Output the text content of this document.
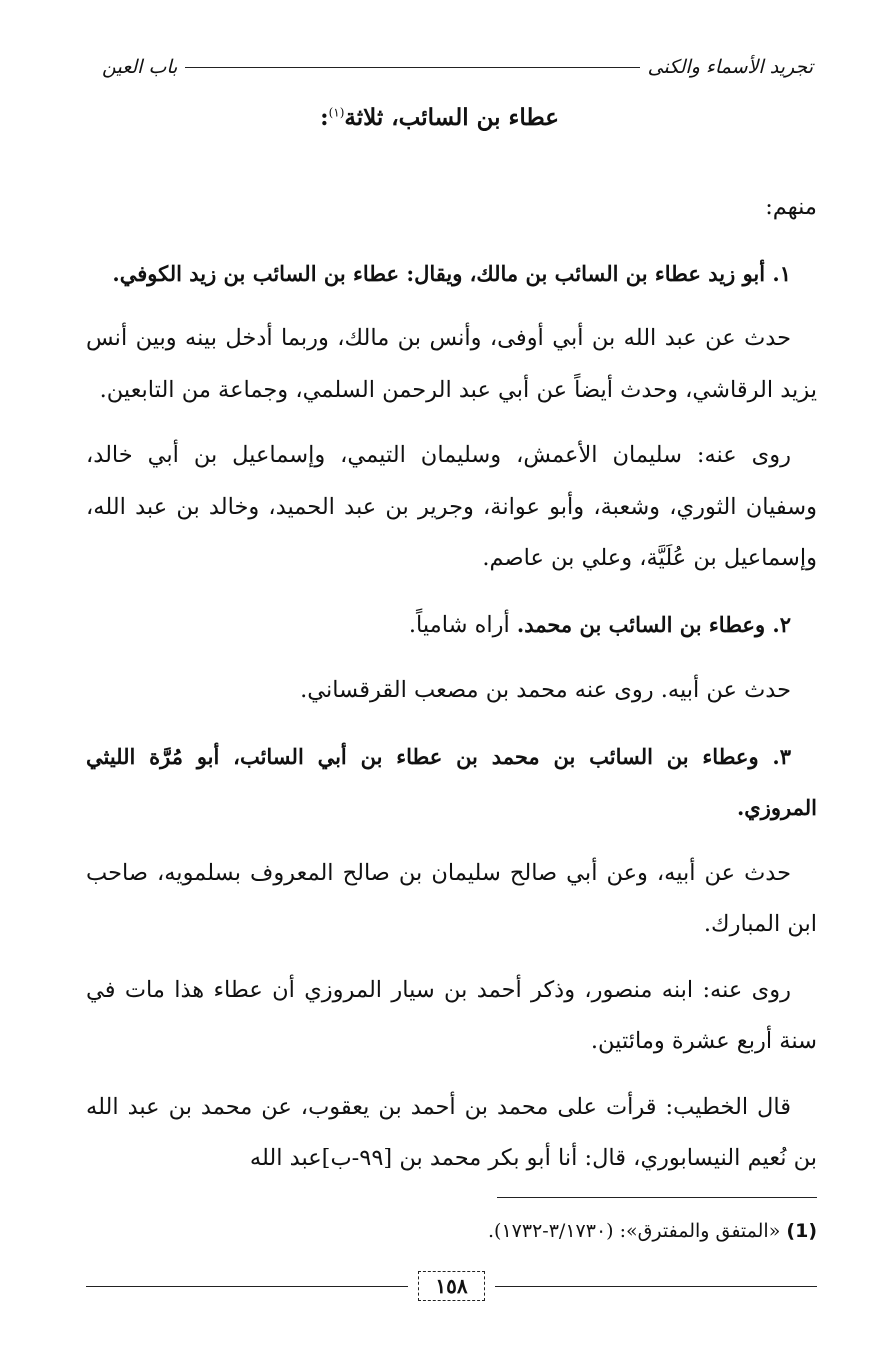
تجريد الأسماء والكنى
باب العين
عطاء بن السائب، ثلاثة$^{(١)}$:

منهم:

١. أبو زيد عطاء بن السائب بن مالك، ويقال: عطاء بن السائب بن زيد الكوفي.

حدث عن عبد الله بن أبي أوفى، وأنس بن مالك، وربما أدخل بينه وبين أنس يزيد الرقاشي، وحدث أيضاً عن أبي عبد الرحمن السلمي، وجماعة من التابعين.

روى عنه: سليمان الأعمش، وسليمان التيمي، وإسماعيل بن أبي خالد، وسفيان الثوري، وشعبة، وأبو عوانة، وجرير بن عبد الحميد، وخالد بن عبد الله، وإسماعيل بن عُلَيَّة، وعلي بن عاصم.

٢. وعطاء بن السائب بن محمد. أراه شامياً.

حدث عن أبيه. روى عنه محمد بن مصعب القرقساني.

٣. وعطاء بن السائب بن محمد بن عطاء بن أبي السائب، أبو مُرَّة الليثي المروزي.

حدث عن أبيه، وعن أبي صالح سليمان بن صالح المعروف بسلمويه، صاحب ابن المبارك.

روى عنه: ابنه منصور، وذكر أحمد بن سيار المروزي أن عطاء هذا مات في سنة أربع عشرة ومائتين.

قال الخطيب: قرأت على محمد بن أحمد بن يعقوب، عن محمد بن عبد الله بن نُعيم النيسابوري، قال: أنا أبو بكر محمد بن [٩٩-ب]عبد الله

(1) «المتفق والمفترق»: (٣/١٧٣٠-١٧٣٢).
١٥٨
